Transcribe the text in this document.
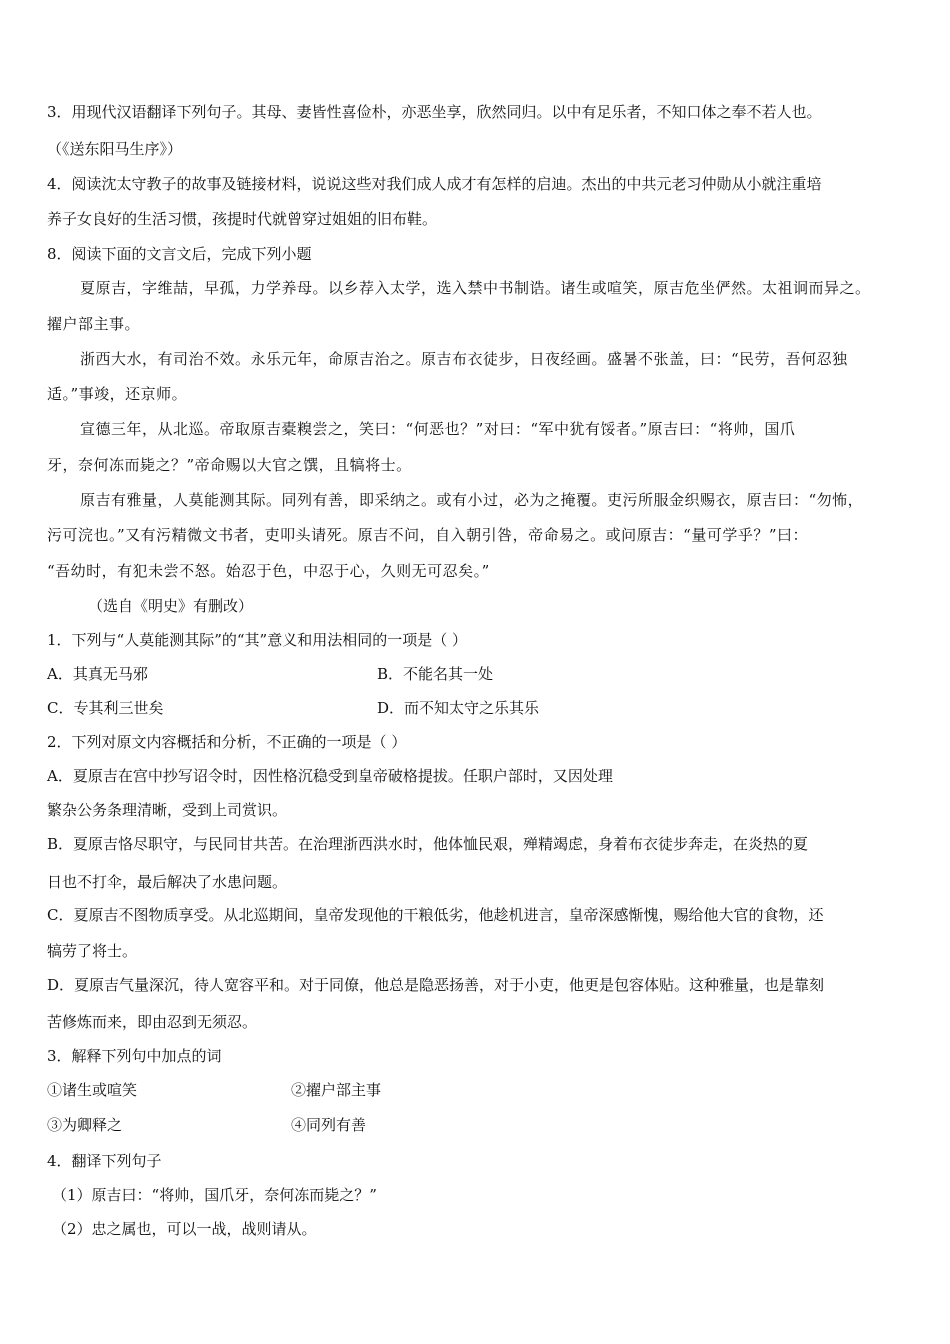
3．用现代汉语翻译下列句子。其母、妻皆性喜俭朴，亦恶坐享，欣然同归。以中有足乐者，不知口体之奉不若人也。
（《送东阳马生序》）
4．阅读沈太守教子的故事及链接材料，说说这些对我们成人成才有怎样的启迪。杰出的中共元老习仲勋从小就注重培
养子女良好的生活习惯，孩提时代就曾穿过姐姐的旧布鞋。
8．阅读下面的文言文后，完成下列小题
夏原吉，字维喆，早孤，力学养母。以乡荐入太学，选入禁中书制诰。诸生或喧笑，原吉危坐俨然。太祖诇而异之。
擢户部主事。
浙西大水，有司治不效。永乐元年，命原吉治之。原吉布衣徒步，日夜经画。盛暑不张盖，曰：“民劳，吾何忍独
适。”事竣，还京师。
宣德三年，从北巡。帝取原吉橐糗尝之，笑曰：“何恶也？”对曰：“军中犹有馁者。”原吉曰：“将帅，国爪
牙，奈何冻而毙之？”帝命赐以大官之馔，且犒将士。
原吉有雅量，人莫能测其际。同列有善，即采纳之。或有小过，必为之掩覆。吏污所服金织赐衣，原吉曰：“勿怖，
污可浣也。”又有污精微文书者，吏叩头请死。原吉不问，自入朝引咎，帝命易之。或问原吉：“量可学乎？”曰：
“吾幼时，有犯未尝不怒。始忍于色，中忍于心，久则无可忍矣。”
（选自《明史》有删改）
1．下列与“人莫能测其际”的“其”意义和用法相同的一项是（ ）
A．其真无马邪	B．不能名其一处
C．专其利三世矣	D．而不知太守之乐其乐
2．下列对原文内容概括和分析，不正确的一项是（ ）
A．夏原吉在宫中抄写诏令时，因性格沉稳受到皇帝破格提拔。任职户部时，又因处理
繁杂公务条理清晰，受到上司赏识。
B．夏原吉恪尽职守，与民同甘共苦。在治理浙西洪水时，他体恤民艰，殚精竭虑，身着布衣徒步奔走，在炎热的夏
日也不打伞，最后解决了水患问题。
C．夏原吉不图物质享受。从北巡期间，皇帝发现他的干粮低劣，他趁机进言，皇帝深感惭愧，赐给他大官的食物，还
犒劳了将士。
D．夏原吉气量深沉，待人宽容平和。对于同僚，他总是隐恶扬善，对于小吏，他更是包容体贴。这种雅量，也是靠刻
苦修炼而来，即由忍到无须忍。
3．解释下列句中加点的词
①诸生或喧笑	②擢户部主事
③为卿释之	④同列有善
4．翻译下列句子
（1）原吉曰：“将帅，国爪牙，奈何冻而毙之？”
（2）忠之属也，可以一战，战则请从。
